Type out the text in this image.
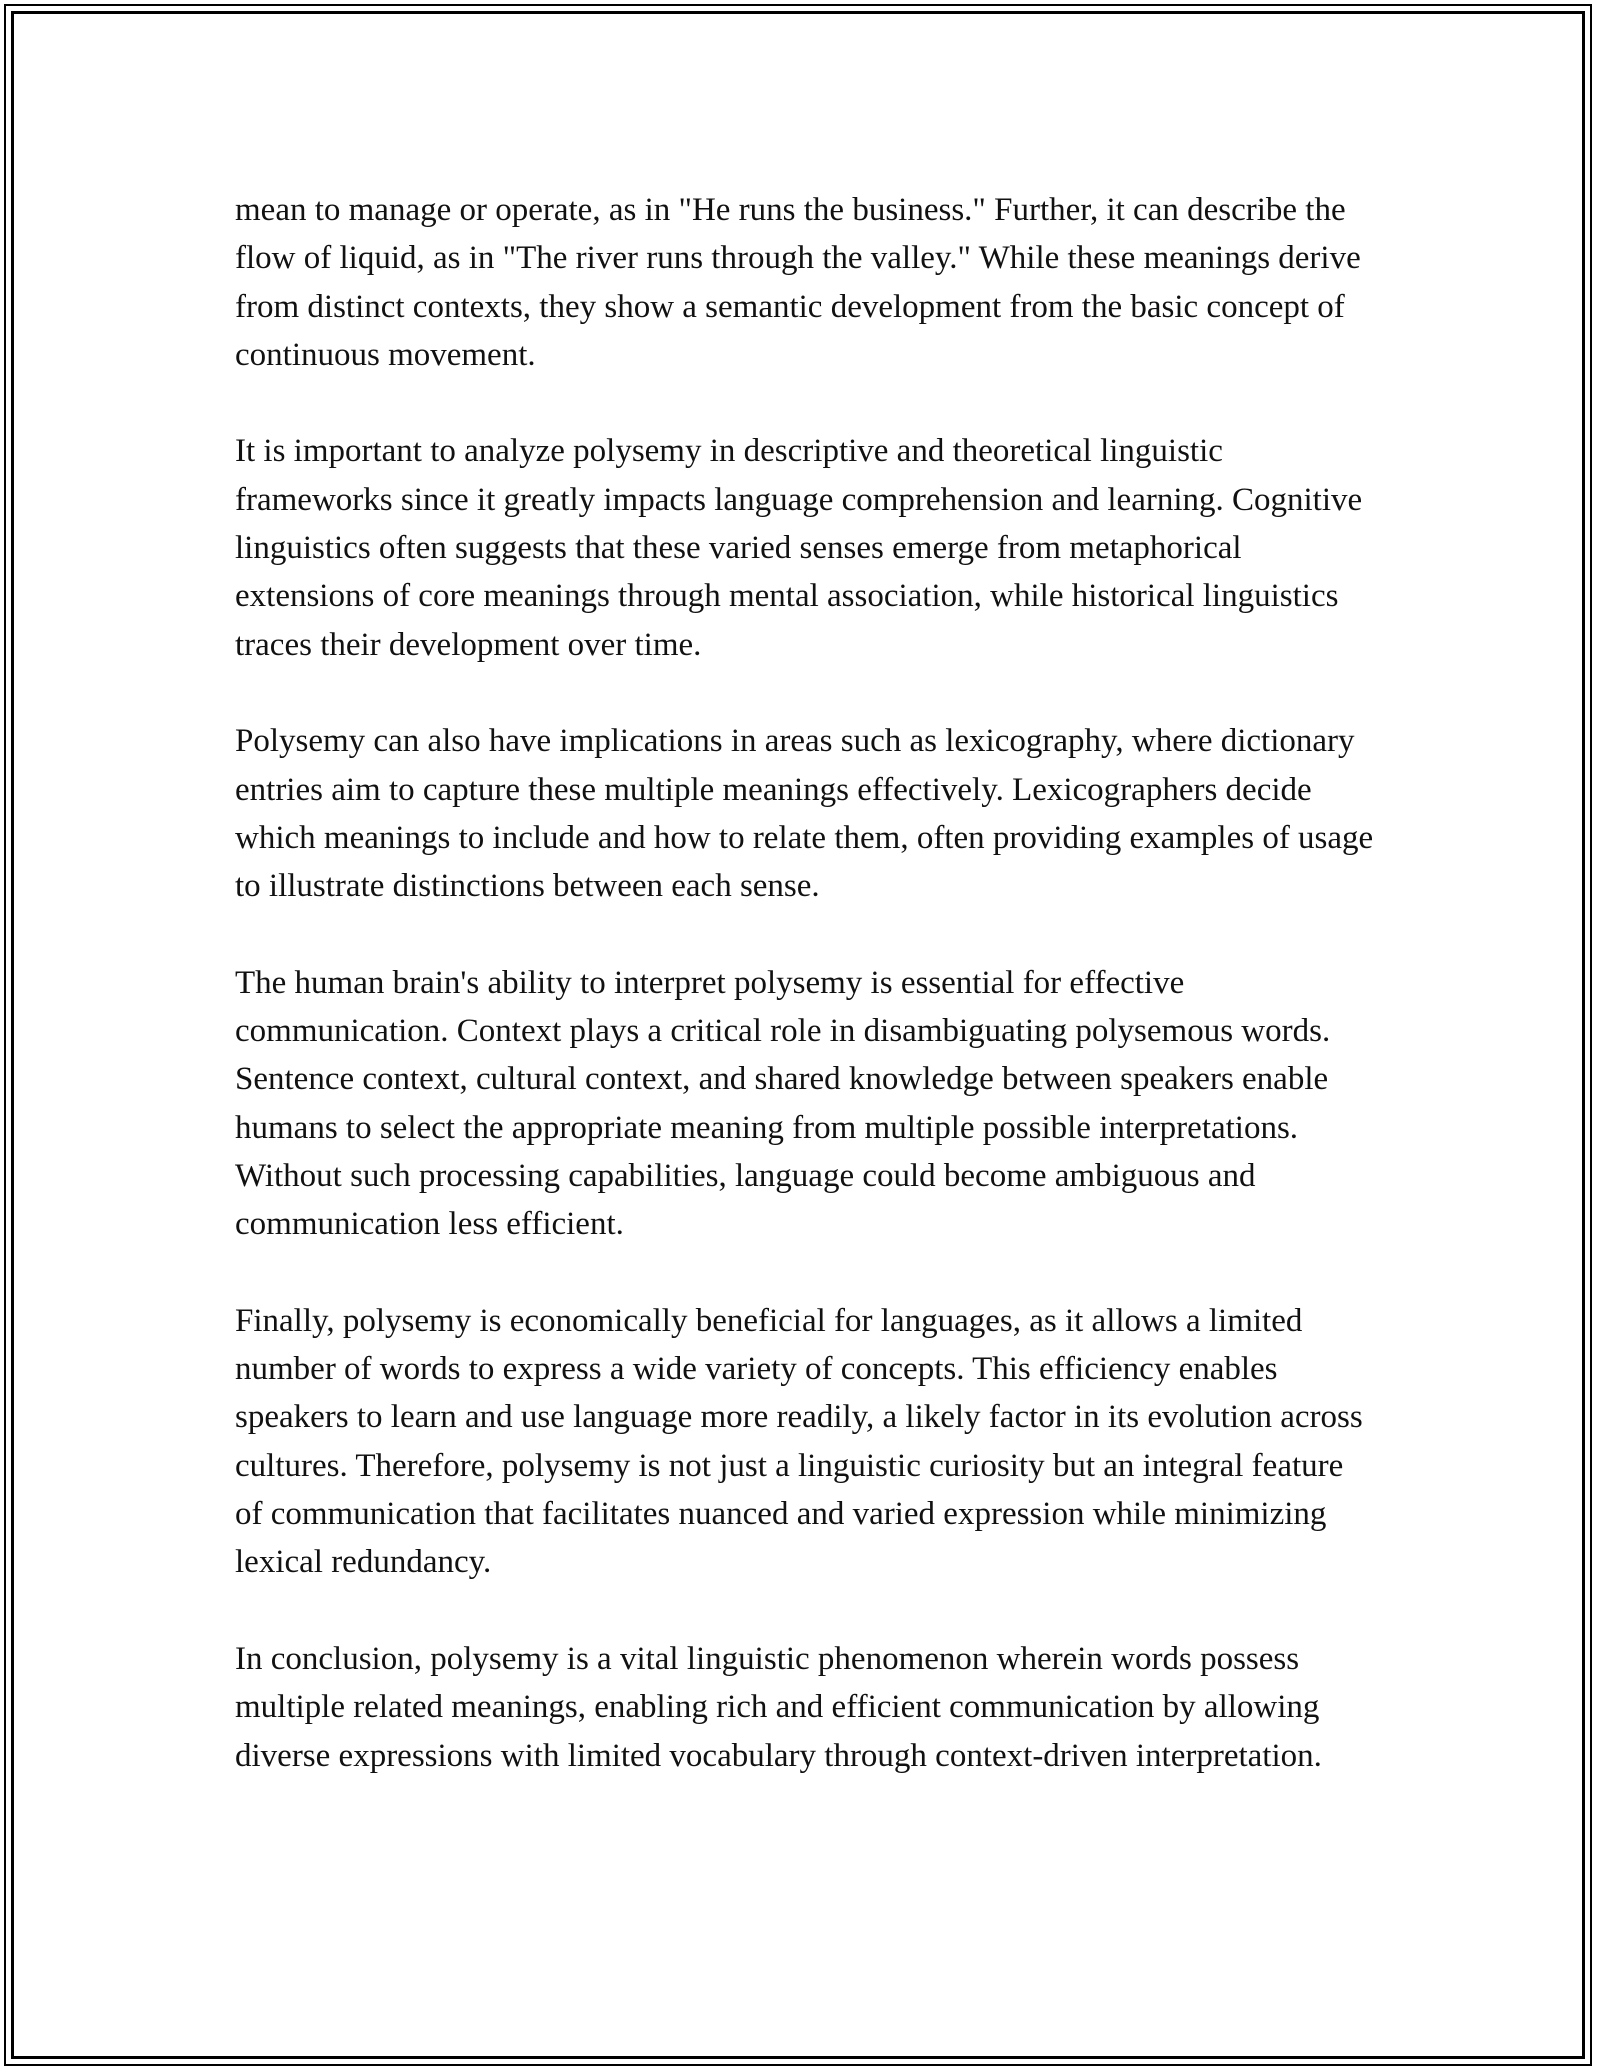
mean to manage or operate, as in "He runs the business." Further, it can describe the flow of liquid, as in "The river runs through the valley." While these meanings derive from distinct contexts, they show a semantic development from the basic concept of continuous movement.

It is important to analyze polysemy in descriptive and theoretical linguistic frameworks since it greatly impacts language comprehension and learning. Cognitive linguistics often suggests that these varied senses emerge from metaphorical extensions of core meanings through mental association, while historical linguistics traces their development over time.

Polysemy can also have implications in areas such as lexicography, where dictionary entries aim to capture these multiple meanings effectively. Lexicographers decide which meanings to include and how to relate them, often providing examples of usage to illustrate distinctions between each sense.

The human brain's ability to interpret polysemy is essential for effective communication. Context plays a critical role in disambiguating polysemous words. Sentence context, cultural context, and shared knowledge between speakers enable humans to select the appropriate meaning from multiple possible interpretations. Without such processing capabilities, language could become ambiguous and communication less efficient.

Finally, polysemy is economically beneficial for languages, as it allows a limited number of words to express a wide variety of concepts. This efficiency enables speakers to learn and use language more readily, a likely factor in its evolution across cultures. Therefore, polysemy is not just a linguistic curiosity but an integral feature of communication that facilitates nuanced and varied expression while minimizing lexical redundancy.

In conclusion, polysemy is a vital linguistic phenomenon wherein words possess multiple related meanings, enabling rich and efficient communication by allowing diverse expressions with limited vocabulary through context-driven interpretation.
